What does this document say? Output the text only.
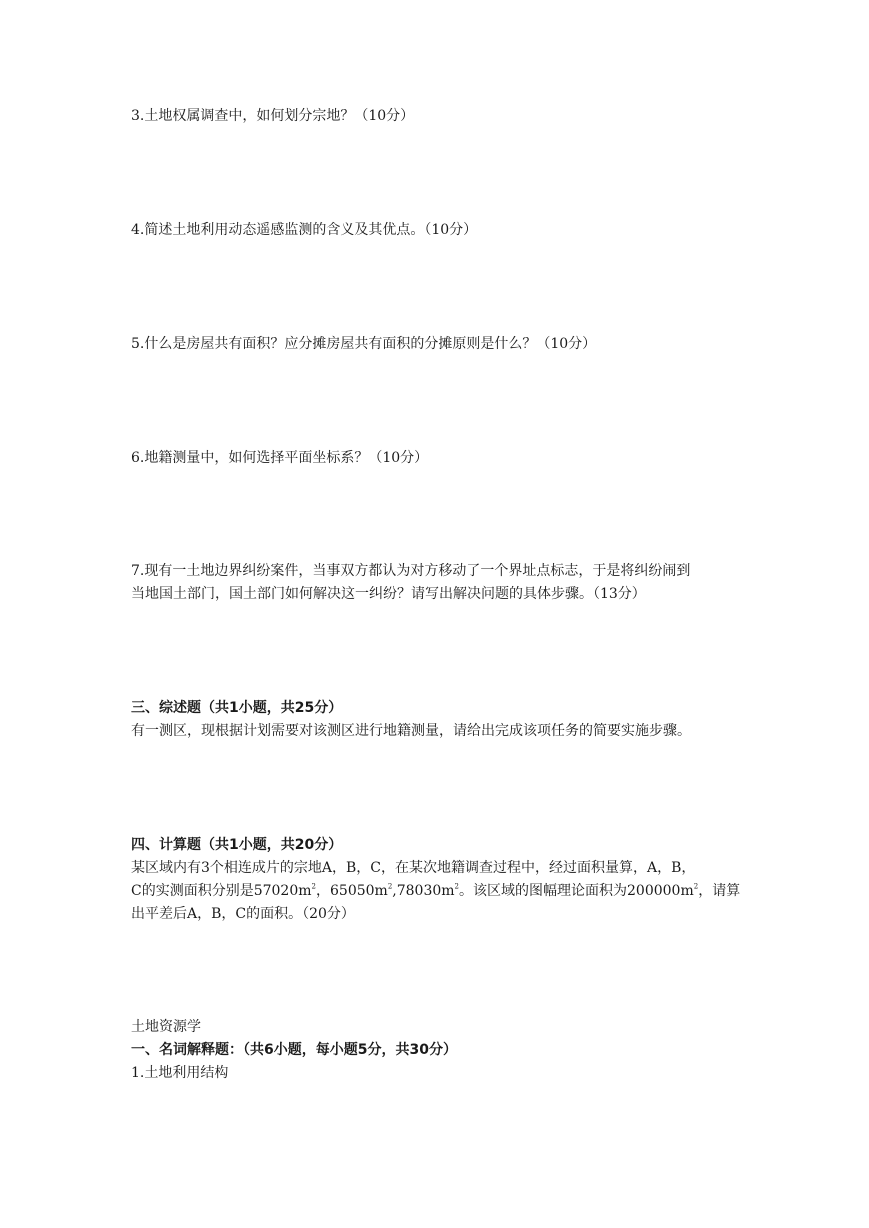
3.土地权属调查中，如何划分宗地？（10分）

4.简述土地利用动态遥感监测的含义及其优点。（10分）

5.什么是房屋共有面积？应分摊房屋共有面积的分摊原则是什么？（10分）

6.地籍测量中，如何选择平面坐标系？（10分）

7.现有一土地边界纠纷案件，当事双方都认为对方移动了一个界址点标志，于是将纠纷闹到

当地国土部门，国土部门如何解决这一纠纷？请写出解决问题的具体步骤。（13分）

三、综述题（共1小题，共25分）

有一测区，现根据计划需要对该测区进行地籍测量，请给出完成该项任务的简要实施步骤。

四、计算题（共1小题，共20分）

某区域内有3个相连成片的宗地A，B，C，在某次地籍调查过程中，经过面积量算，A，B，

C的实测面积分别是$57020m^2$，$65050m^2,78030m^2$。该区域的图幅理论面积为$200000m^2$，请算

出平差后A，B，C的面积。（20分）

土地资源学

一、名词解释题：（共6小题，每小题5分，共30分）

1.土地利用结构
